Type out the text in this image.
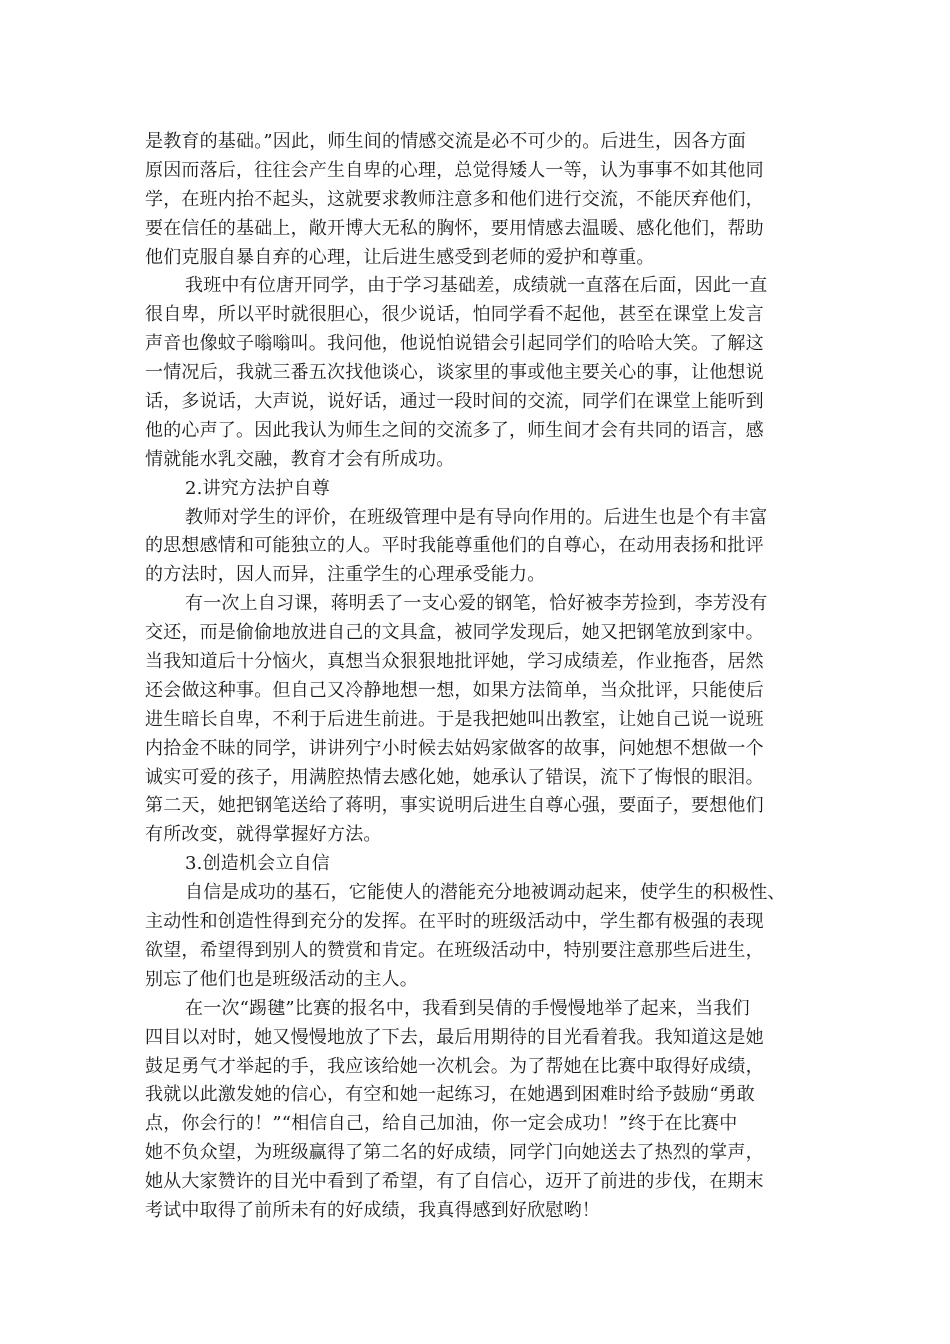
是教育的基础。”因此，师生间的情感交流是必不可少的。后进生，因各方面
原因而落后，往往会产生自卑的心理，总觉得矮人一等，认为事事不如其他同
学，在班内抬不起头，这就要求教师注意多和他们进行交流，不能厌弃他们，
要在信任的基础上，敞开博大无私的胸怀，要用情感去温暖、感化他们，帮助
他们克服自暴自弃的心理，让后进生感受到老师的爱护和尊重。
我班中有位唐开同学，由于学习基础差，成绩就一直落在后面，因此一直
很自卑，所以平时就很胆心，很少说话，怕同学看不起他，甚至在课堂上发言
声音也像蚊子嗡嗡叫。我问他，他说怕说错会引起同学们的哈哈大笑。了解这
一情况后，我就三番五次找他谈心，谈家里的事或他主要关心的事，让他想说
话，多说话，大声说，说好话，通过一段时间的交流，同学们在课堂上能听到
他的心声了。因此我认为师生之间的交流多了，师生间才会有共同的语言，感
情就能水乳交融，教育才会有所成功。
2.讲究方法护自尊
教师对学生的评价，在班级管理中是有导向作用的。后进生也是个有丰富
的思想感情和可能独立的人。平时我能尊重他们的自尊心，在动用表扬和批评
的方法时，因人而异，注重学生的心理承受能力。
有一次上自习课，蒋明丢了一支心爱的钢笔，恰好被李芳捡到，李芳没有
交还，而是偷偷地放进自己的文具盒，被同学发现后，她又把钢笔放到家中。
当我知道后十分恼火，真想当众狠狠地批评她，学习成绩差，作业拖沓，居然
还会做这种事。但自己又冷静地想一想，如果方法简单，当众批评，只能使后
进生暗长自卑，不利于后进生前进。于是我把她叫出教室，让她自己说一说班
内拾金不昧的同学，讲讲列宁小时候去姑妈家做客的故事，问她想不想做一个
诚实可爱的孩子，用满腔热情去感化她，她承认了错误，流下了悔恨的眼泪。
第二天，她把钢笔送给了蒋明，事实说明后进生自尊心强，要面子，要想他们
有所改变，就得掌握好方法。
3.创造机会立自信
自信是成功的基石，它能使人的潜能充分地被调动起来，使学生的积极性、
主动性和创造性得到充分的发挥。在平时的班级活动中，学生都有极强的表现
欲望，希望得到别人的赞赏和肯定。在班级活动中，特别要注意那些后进生，
别忘了他们也是班级活动的主人。
在一次“踢毽”比赛的报名中，我看到吴倩的手慢慢地举了起来，当我们
四目以对时，她又慢慢地放了下去，最后用期待的目光看着我。我知道这是她
鼓足勇气才举起的手，我应该给她一次机会。为了帮她在比赛中取得好成绩，
我就以此激发她的信心，有空和她一起练习，在她遇到困难时给予鼓励“勇敢
点，你会行的！”“相信自己，给自己加油，你一定会成功！”终于在比赛中
她不负众望，为班级赢得了第二名的好成绩，同学门向她送去了热烈的掌声，
她从大家赞许的目光中看到了希望，有了自信心，迈开了前进的步伐，在期末
考试中取得了前所未有的好成绩，我真得感到好欣慰哟！
